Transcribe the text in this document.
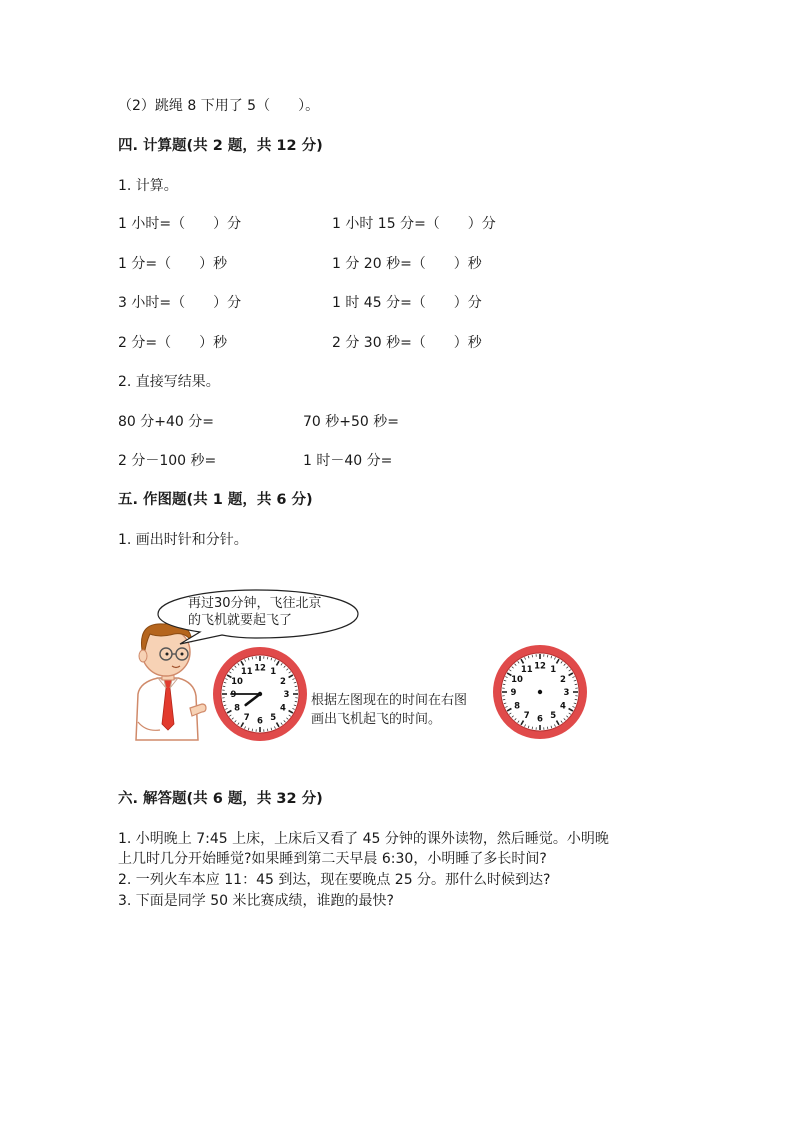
（2）跳绳 8 下用了 5（　　）。
四. 计算题(共 2 题，共 12 分)
1. 计算。
1 小时=（　　）分	1 小时 15 分=（　　）分
1 分=（　　）秒	1 分 20 秒=（　　）秒
3 小时=（　　）分	1 时 45 分=（　　）分
2 分=（　　）秒	2 分 30 秒=（　　）秒
2. 直接写结果。
80 分+40 分=	70 秒+50 秒=
2 分－100 秒=	1 时－40 分=
五. 作图题(共 1 题，共 6 分)
1. 画出时针和分针。
再过30分钟，飞往北京
的飞机就要起飞了
12 1
2
3
4
5
6
7
8
9
10
11
根据左图现在的时间在右图
画出飞机起飞的时间。
12 1
2
3
4
5
6
7
8
9
10
11
六. 解答题(共 6 题，共 32 分)
1. 小明晚上 7:45 上床，上床后又看了 45 分钟的课外读物，然后睡觉。小明晚
上几时几分开始睡觉?如果睡到第二天早晨 6:30，小明睡了多长时间?
2. 一列火车本应 11：45 到达，现在要晚点 25 分。那什么时候到达?
3. 下面是同学 50 米比赛成绩，谁跑的最快?
